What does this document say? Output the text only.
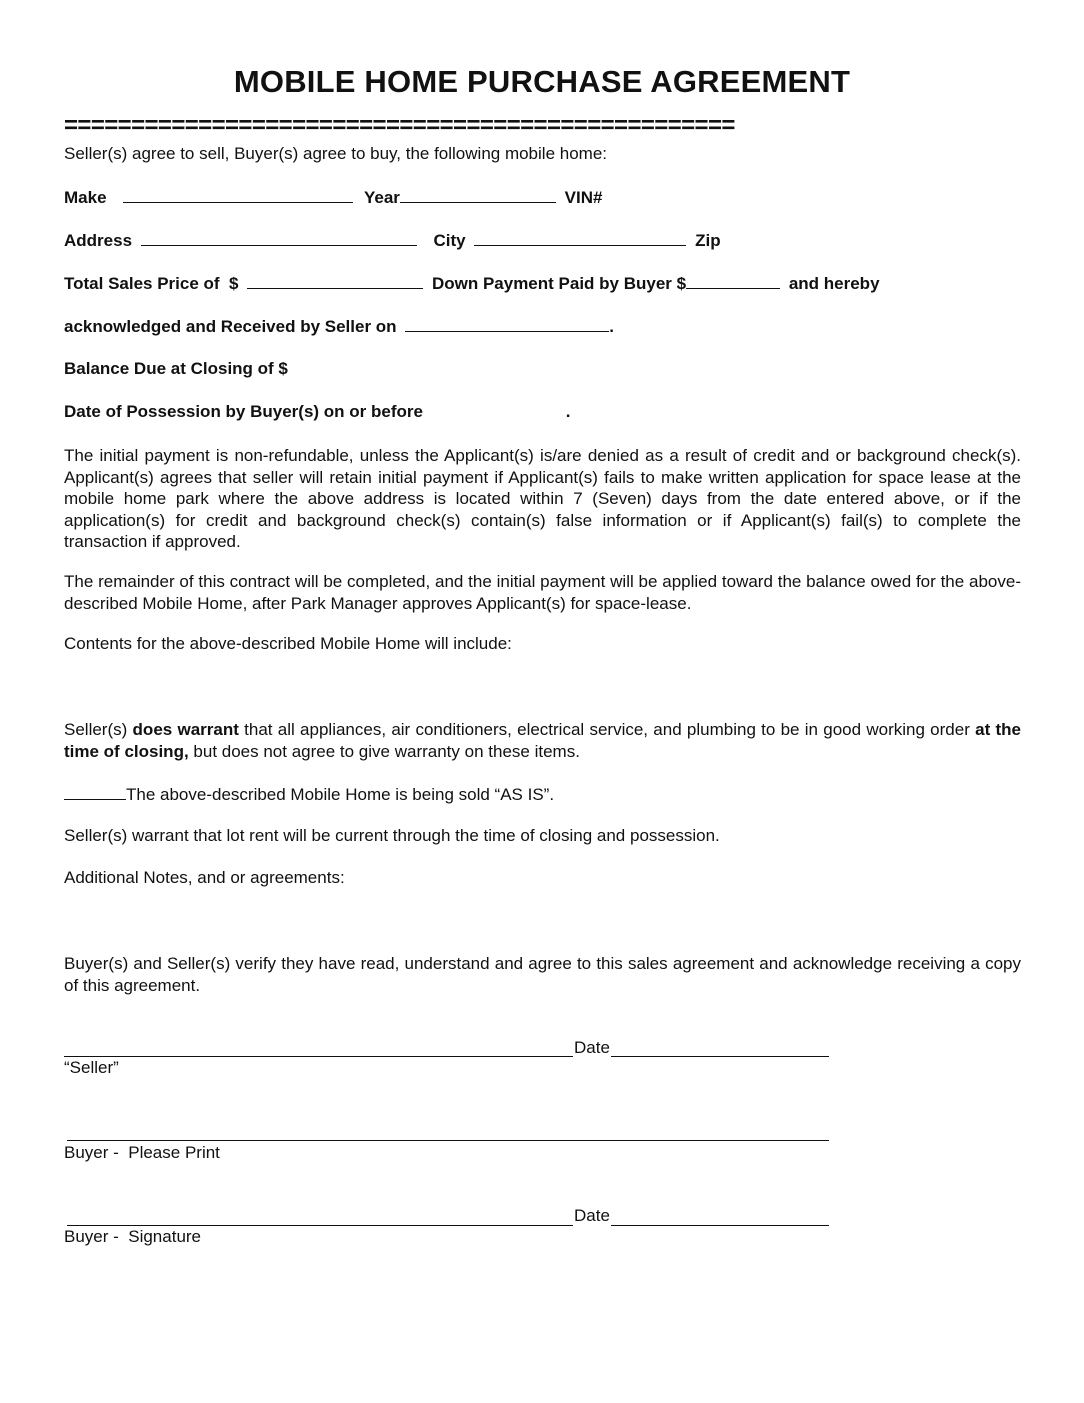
MOBILE HOME PURCHASE AGREEMENT
==================================================
Seller(s) agree to sell, Buyer(s) agree to buy, the following mobile home:
Make	Year	VIN#
Address	City	Zip
Total Sales Price of  $	Down Payment Paid by Buyer $	and hereby
acknowledged and Received by Seller on	.
Balance Due at Closing of $
Date of Possession by Buyer(s) on or before	.
The initial payment is non-refundable, unless the Applicant(s) is/are denied as a result of credit and or background check(s). Applicant(s) agrees that seller will retain initial payment if Applicant(s) fails to make written application for space lease at the mobile home park where the above address is located within 7 (Seven) days from the date entered above, or if the application(s) for credit and background check(s) contain(s) false information or if Applicant(s) fail(s) to complete the transaction if approved.
The remainder of this contract will be completed, and the initial payment will be applied toward the balance owed for the above-described Mobile Home, after Park Manager approves Applicant(s) for space-lease.
Contents for the above-described Mobile Home will include:
Seller(s) does warrant that all appliances, air conditioners, electrical service, and plumbing to be in good working order at the time of closing, but does not agree to give warranty on these items.
The above-described Mobile Home is being sold “AS IS”.
Seller(s) warrant that lot rent will be current through the time of closing and possession.
Additional Notes, and or agreements:
Buyer(s) and Seller(s) verify they have read, understand and agree to this sales agreement and acknowledge receiving a copy of this agreement.
Date
“Seller”
Buyer -  Please Print
Date
Buyer -  Signature
